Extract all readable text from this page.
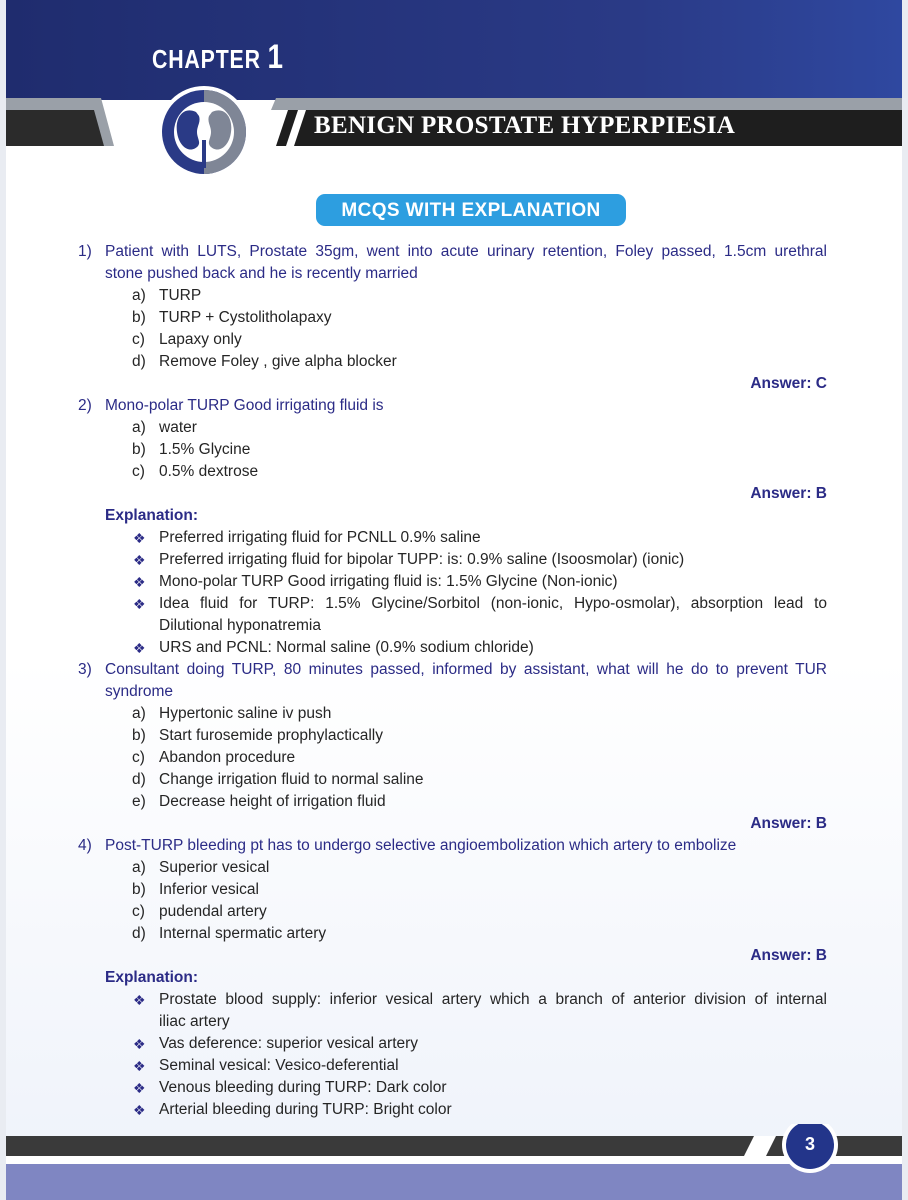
CHAPTER 1
BENIGN PROSTATE HYPERPIESIA
MCQS WITH EXPLANATION
1) Patient with LUTS, Prostate 35gm, went into acute urinary retention, Foley passed, 1.5cm urethral
stone pushed back and he is recently married
a) TURP
b) TURP + Cystolitholapaxy
c) Lapaxy only
d) Remove Foley , give alpha blocker
Answer: C
2) Mono-polar TURP Good irrigating fluid is
a) water
b) 1.5% Glycine
c) 0.5% dextrose
Answer: B
Explanation:
❖ Preferred irrigating fluid for PCNLL 0.9% saline
❖ Preferred irrigating fluid for bipolar TUPP: is: 0.9% saline (Isoosmolar) (ionic)
❖ Mono-polar TURP Good irrigating fluid is: 1.5% Glycine (Non-ionic)
❖ Idea fluid for TURP: 1.5% Glycine/Sorbitol (non-ionic, Hypo-osmolar), absorption lead to
Dilutional hyponatremia
❖ URS and PCNL: Normal saline (0.9% sodium chloride)
3) Consultant doing TURP, 80 minutes passed, informed by assistant, what will he do to prevent TUR
syndrome
a) Hypertonic saline iv push
b) Start furosemide prophylactically
c) Abandon procedure
d) Change irrigation fluid to normal saline
e) Decrease height of irrigation fluid
Answer: B
4) Post-TURP bleeding pt has to undergo selective angioembolization which artery to embolize
a) Superior vesical
b) Inferior vesical
c) pudendal artery
d) Internal spermatic artery
Answer: B
Explanation:
❖ Prostate blood supply: inferior vesical artery which a branch of anterior division of internal
iliac artery
❖ Vas deference: superior vesical artery
❖ Seminal vesical: Vesico-deferential
❖ Venous bleeding during TURP: Dark color
❖ Arterial bleeding during TURP: Bright color
3
